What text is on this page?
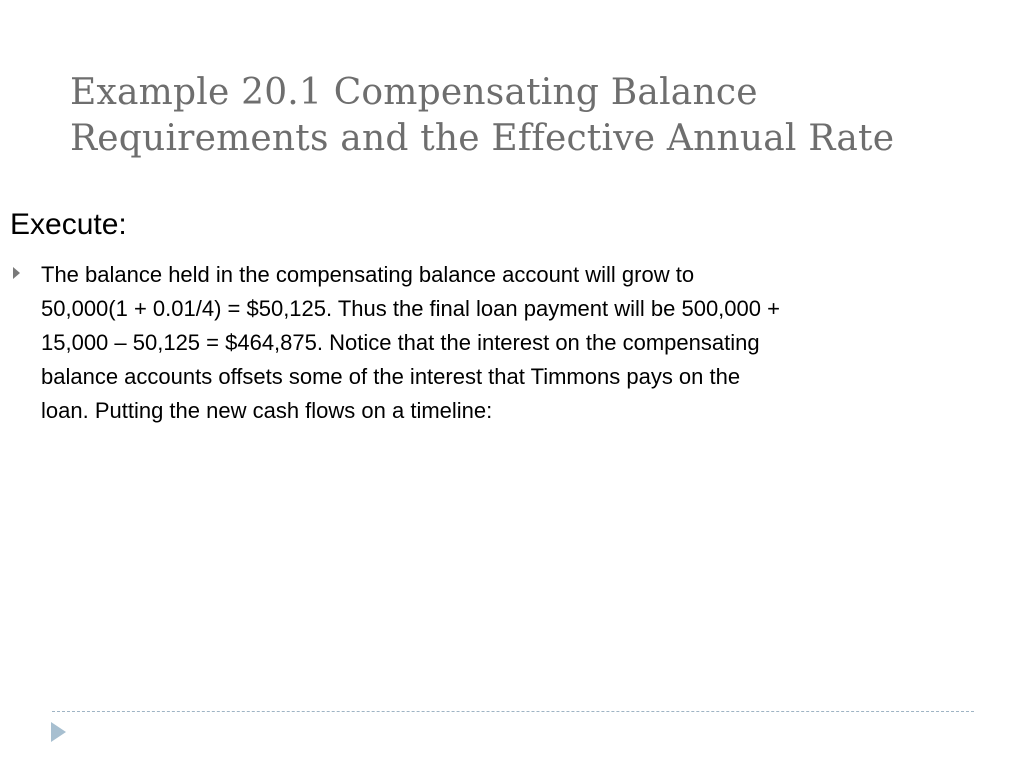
Example 20.1 Compensating Balance
Requirements and the Effective Annual Rate
Execute:
The balance held in the compensating balance account will grow to
50,000(1 + 0.01/4) = $50,125. Thus the final loan payment will be 500,000 +
15,000 – 50,125 = $464,875. Notice that the interest on the compensating
balance accounts offsets some of the interest that Timmons pays on the
loan. Putting the new cash flows on a timeline:
